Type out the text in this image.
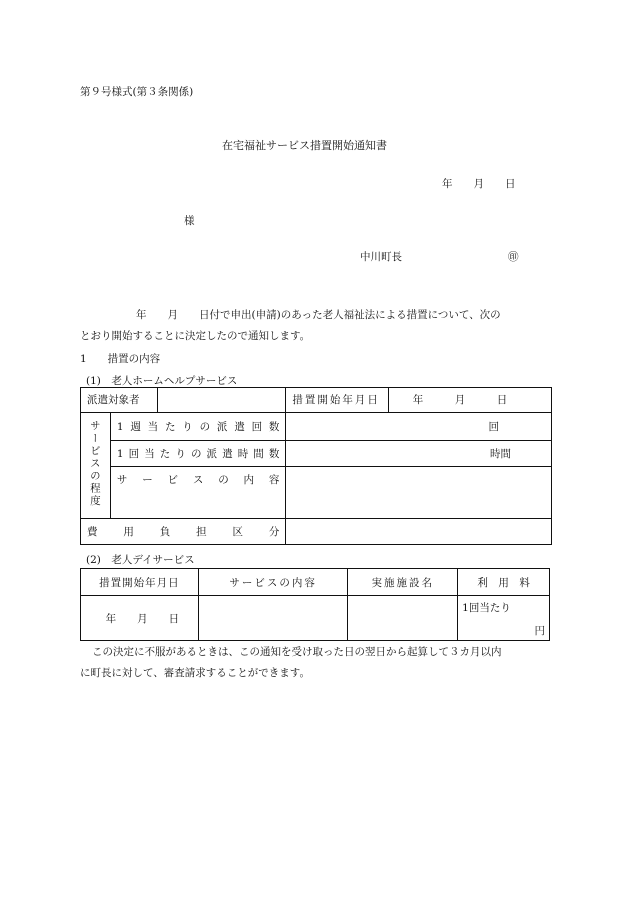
第９号様式(第３条関係)
在宅福祉サービス措置開始通知書
年　　月　　日
様
中川町長	㊞
年　　月　　日付で申出(申請)のあった老人福祉法による措置について、次の
とおり開始することに決定したので通知します。
1　　措置の内容
(1)　老人ホームヘルプサービス
派遣対象者		措置開始年月日 年　　　月　　　日
サービスの程度	1週当たりの派遣回数	回
	1回当たりの派遣時間数	時間
	サービスの内容	
費用負担区分		
(2)　老人デイサービス
措置開始年月日	サービスの内容	実施施設名	利　用　料
年　　月　　日			1回当たり
円
この決定に不服があるときは、この通知を受け取った日の翌日から起算して３カ月以内
に町長に対して、審査請求することができます。
